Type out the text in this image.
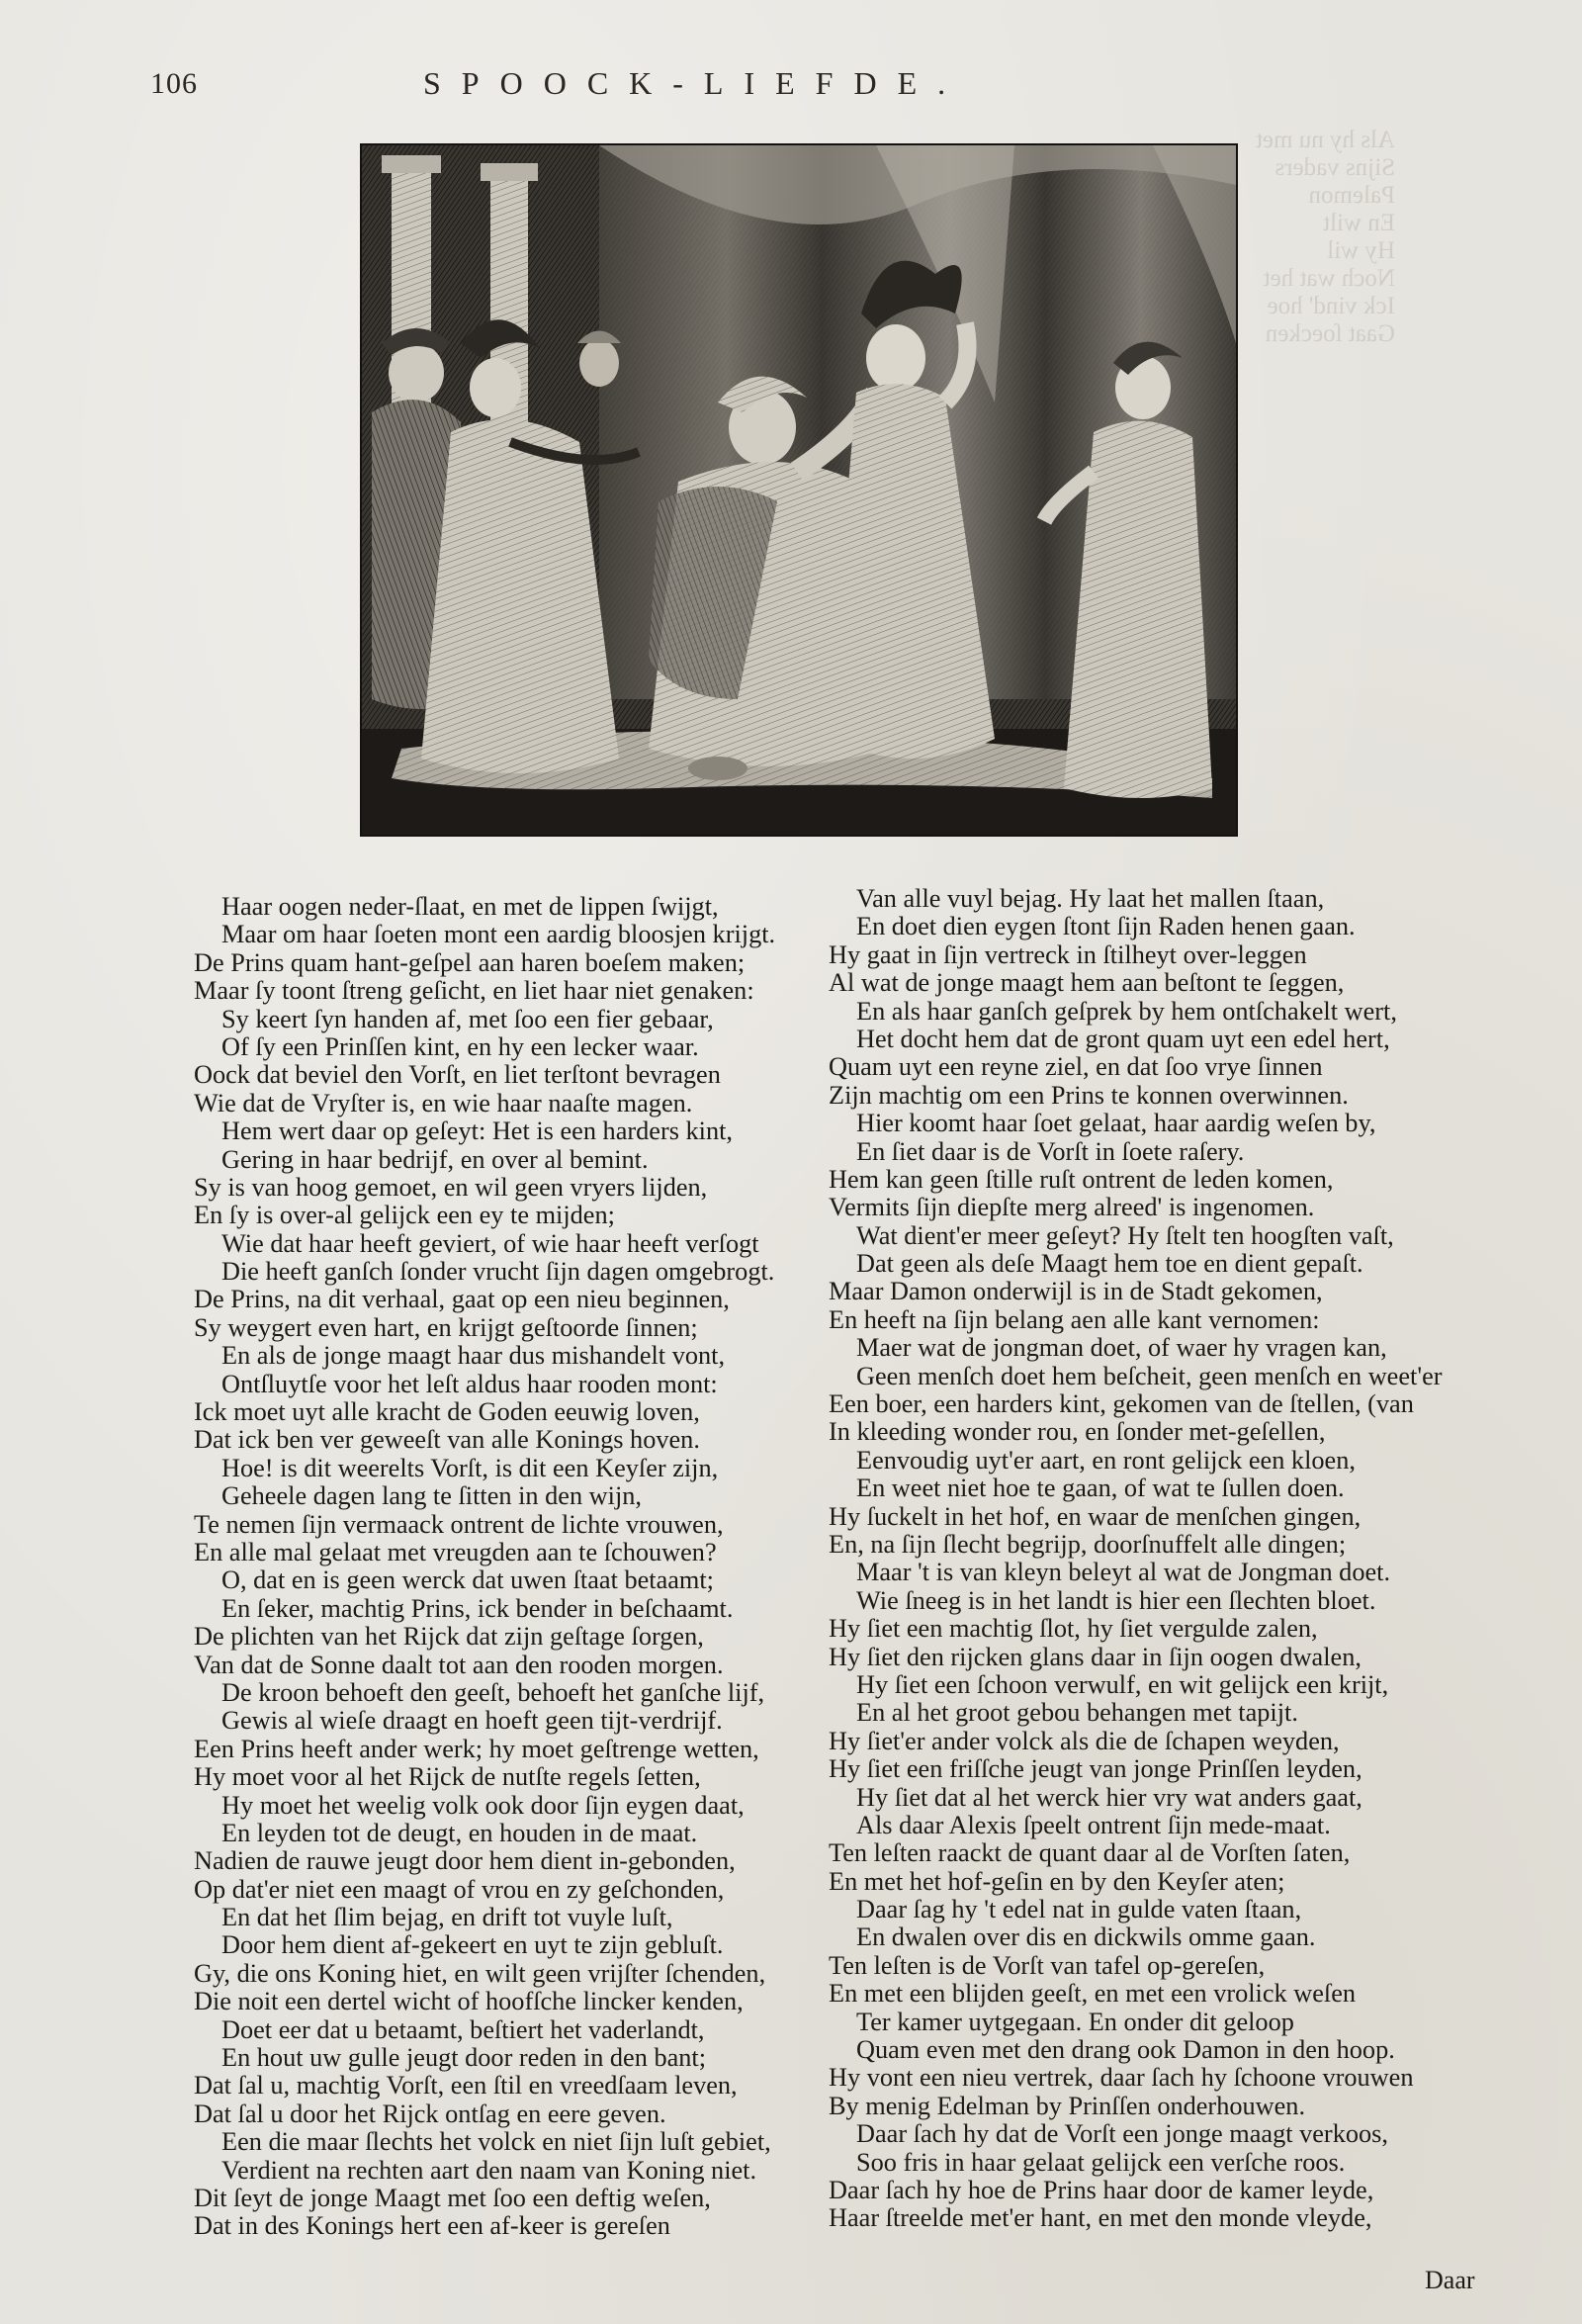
Als hy nu met
Sijns vaders
Palemon
En wilt
Hy wil
Noch wat het
Ick vind' hoe
Gaat ſoecken
106	SPOOCK-LIEFDE.
Haar oogen neder-ſlaat, en met de lippen ſwijgt,
Maar om haar ſoeten mont een aardig bloosjen krijgt.
De Prins quam hant-geſpel aan haren boeſem maken;
Maar ſy toont ſtreng geſicht, en liet haar niet genaken:
Sy keert ſyn handen af, met ſoo een fier gebaar,
Of ſy een Prinſſen kint, en hy een lecker waar.
Oock dat beviel den Vorſt, en liet terſtont bevragen
Wie dat de Vryſter is, en wie haar naaſte magen.
Hem wert daar op geſeyt: Het is een harders kint,
Gering in haar bedrijf, en over al bemint.
Sy is van hoog gemoet, en wil geen vryers lijden,
En ſy is over-al gelijck een ey te mijden;
Wie dat haar heeft geviert, of wie haar heeft verſogt
Die heeft ganſch ſonder vrucht ſijn dagen omgebrogt.
De Prins, na dit verhaal, gaat op een nieu beginnen,
Sy weygert even hart, en krijgt geſtoorde ſinnen;
En als de jonge maagt haar dus mishandelt vont,
Ontſluytſe voor het leſt aldus haar rooden mont:
Ick moet uyt alle kracht de Goden eeuwig loven,
Dat ick ben ver geweeſt van alle Konings hoven.
Hoe! is dit weerelts Vorſt, is dit een Keyſer zijn,
Geheele dagen lang te ſitten in den wijn,
Te nemen ſijn vermaack ontrent de lichte vrouwen,
En alle mal gelaat met vreugden aan te ſchouwen?
O, dat en is geen werck dat uwen ſtaat betaamt;
En ſeker, machtig Prins, ick bender in beſchaamt.
De plichten van het Rijck dat zijn geſtage ſorgen,
Van dat de Sonne daalt tot aan den rooden morgen.
De kroon behoeft den geeſt, behoeft het ganſche lijf,
Gewis al wieſe draagt en hoeft geen tijt-verdrijf.
Een Prins heeft ander werk; hy moet geſtrenge wetten,
Hy moet voor al het Rijck de nutſte regels ſetten,
Hy moet het weelig volk ook door ſijn eygen daat,
En leyden tot de deugt, en houden in de maat.
Nadien de rauwe jeugt door hem dient in-gebonden,
Op dat'er niet een maagt of vrou en zy geſchonden,
En dat het ſlim bejag, en drift tot vuyle luſt,
Door hem dient af-gekeert en uyt te zijn gebluſt.
Gy, die ons Koning hiet, en wilt geen vrijſter ſchenden,
Die noit een dertel wicht of hoofſche lincker kenden,
Doet eer dat u betaamt, beſtiert het vaderlandt,
En hout uw gulle jeugt door reden in den bant;
Dat ſal u, machtig Vorſt, een ſtil en vreedſaam leven,
Dat ſal u door het Rijck ontſag en eere geven.
Een die maar ſlechts het volck en niet ſijn luſt gebiet,
Verdient na rechten aart den naam van Koning niet.
Dit ſeyt de jonge Maagt met ſoo een deftig weſen,
Dat in des Konings hert een af-keer is gereſen
Van alle vuyl bejag. Hy laat het mallen ſtaan,
En doet dien eygen ſtont ſijn Raden henen gaan.
Hy gaat in ſijn vertreck in ſtilheyt over-leggen
Al wat de jonge maagt hem aan beſtont te ſeggen,
En als haar ganſch geſprek by hem ontſchakelt wert,
Het docht hem dat de gront quam uyt een edel hert,
Quam uyt een reyne ziel, en dat ſoo vrye ſinnen
Zijn machtig om een Prins te konnen overwinnen.
Hier koomt haar ſoet gelaat, haar aardig weſen by,
En ſiet daar is de Vorſt in ſoete raſery.
Hem kan geen ſtille ruſt ontrent de leden komen,
Vermits ſijn diepſte merg alreed' is ingenomen.
Wat dient'er meer geſeyt? Hy ſtelt ten hoogſten vaſt,
Dat geen als deſe Maagt hem toe en dient gepaſt.
Maar Damon onderwijl is in de Stadt gekomen,
En heeft na ſijn belang aen alle kant vernomen:
Maer wat de jongman doet, of waer hy vragen kan,
Geen menſch doet hem beſcheit, geen menſch en weet'er
Een boer, een harders kint, gekomen van de ſtellen, (van
In kleeding wonder rou, en ſonder met-geſellen,
Eenvoudig uyt'er aart, en ront gelijck een kloen,
En weet niet hoe te gaan, of wat te ſullen doen.
Hy ſuckelt in het hof, en waar de menſchen gingen,
En, na ſijn ſlecht begrijp, doorſnuffelt alle dingen;
Maar 't is van kleyn beleyt al wat de Jongman doet.
Wie ſneeg is in het landt is hier een ſlechten bloet.
Hy ſiet een machtig ſlot, hy ſiet vergulde zalen,
Hy ſiet den rijcken glans daar in ſijn oogen dwalen,
Hy ſiet een ſchoon verwulf, en wit gelijck een krijt,
En al het groot gebou behangen met tapijt.
Hy ſiet'er ander volck als die de ſchapen weyden,
Hy ſiet een friſſche jeugt van jonge Prinſſen leyden,
Hy ſiet dat al het werck hier vry wat anders gaat,
Als daar Alexis ſpeelt ontrent ſijn mede-maat.
Ten leſten raackt de quant daar al de Vorſten ſaten,
En met het hof-geſin en by den Keyſer aten;
Daar ſag hy 't edel nat in gulde vaten ſtaan,
En dwalen over dis en dickwils omme gaan.
Ten leſten is de Vorſt van tafel op-gereſen,
En met een blijden geeſt, en met een vrolick weſen
Ter kamer uytgegaan. En onder dit geloop
Quam even met den drang ook Damon in den hoop.
Hy vont een nieu vertrek, daar ſach hy ſchoone vrouwen
By menig Edelman by Prinſſen onderhouwen.
Daar ſach hy dat de Vorſt een jonge maagt verkoos,
Soo fris in haar gelaat gelijck een verſche roos.
Daar ſach hy hoe de Prins haar door de kamer leyde,
Haar ſtreelde met'er hant, en met den monde vleyde,
Daar
